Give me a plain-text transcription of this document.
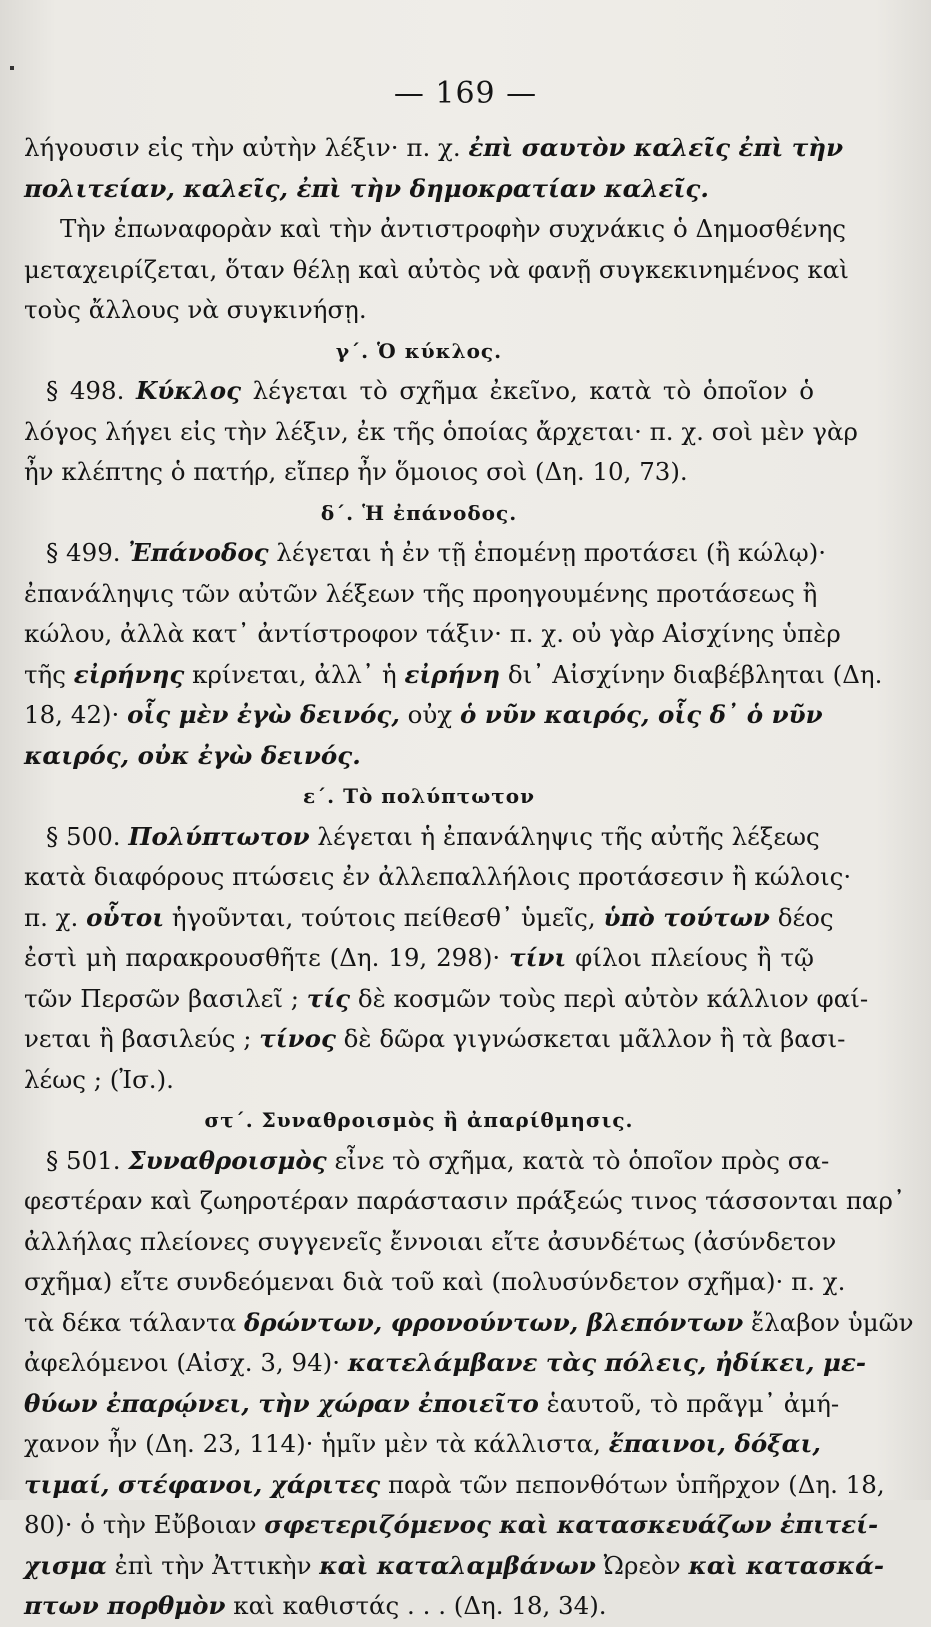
— 169 —
λήγουσιν εἰς τὴν αὐτὴν λέξιν· π. χ. ἐπὶ σαυτὸν καλεῖς ἐπὶ τὴν
πολιτείαν, καλεῖς, ἐπὶ τὴν δημοκρατίαν καλεῖς.
Τὴν ἐπωναφορὰν καὶ τὴν ἀντιστροφὴν συχνάκις ὁ Δημοσθένης
μεταχειρίζεται, ὅταν θέλῃ καὶ αὐτὸς νὰ φανῇ συγκεκινημένος καὶ
τοὺς ἄλλους νὰ συγκινήσῃ.
γ΄. Ὁ κύκλος.
§ 498. Κύκλος λέγεται τὸ σχῆμα ἐκεῖνο, κατὰ τὸ ὁποῖον ὁ
λόγος λήγει εἰς τὴν λέξιν, ἐκ τῆς ὁποίας ἄρχεται· π. χ. σοὶ μὲν γὰρ
ἦν κλέπτης ὁ πατήρ, εἴπερ ἦν ὅμοιος σοὶ (Δη. 10, 73).
δ΄. Ἡ ἐπάνοδος.
§ 499. Ἐπάνοδος λέγεται ἡ ἐν τῇ ἑπομένῃ προτάσει (ἢ κώλῳ)·
ἐπανάληψις τῶν αὐτῶν λέξεων τῆς προηγουμένης προτάσεως ἢ
κώλου, ἀλλὰ κατ᾽ ἀντίστροφον τάξιν· π. χ. οὐ γὰρ Αἰσχίνης ὑπὲρ
τῆς εἰρήνης κρίνεται, ἀλλ᾽ ἡ εἰρήνη δι᾽ Αἰσχίνην διαβέβληται (Δη.
18, 42)· οἷς μὲν ἐγὼ δεινός, οὐχ ὁ νῦν καιρός, οἷς δ᾽ ὁ νῦν
καιρός, οὐκ ἐγὼ δεινός.
ε΄. Τὸ πολύπτωτον
§ 500. Πολύπτωτον λέγεται ἡ ἐπανάληψις τῆς αὐτῆς λέξεως
κατὰ διαφόρους πτώσεις ἐν ἀλλεπαλλήλοις προτάσεσιν ἢ κώλοις·
π. χ. οὗτοι ἡγοῦνται, τούτοις πείθεσθ᾽ ὑμεῖς, ὑπὸ τούτων δέος
ἐστὶ μὴ παρακρουσθῆτε (Δη. 19, 298)· τίνι φίλοι πλείους ἢ τῷ
τῶν Περσῶν βασιλεῖ ; τίς δὲ κοσμῶν τοὺς περὶ αὐτὸν κάλλιον φαί-
νεται ἢ βασιλεύς ; τίνος δὲ δῶρα γιγνώσκεται μᾶλλον ἢ τὰ βασι-
λέως ; (Ἰσ.).
στ΄. Συναθροισμὸς ἢ ἀπαρίθμησις.
§ 501. Συναθροισμὸς εἶνε τὸ σχῆμα, κατὰ τὸ ὁποῖον πρὸς σα-
φεστέραν καὶ ζωηροτέραν παράστασιν πράξεώς τινος τάσσονται παρ᾽
ἀλλήλας πλείονες συγγενεῖς ἔννοιαι εἴτε ἀσυνδέτως (ἀσύνδετον
σχῆμα) εἴτε συνδεόμεναι διὰ τοῦ καὶ (πολυσύνδετον σχῆμα)· π. χ.
τὰ δέκα τάλαντα δρώντων, φρονούντων, βλεπόντων ἔλαβον ὑμῶν
ἀφελόμενοι (Αἰσχ. 3, 94)· κατελάμβανε τὰς πόλεις, ἠδίκει, με-
θύων ἐπαρῴνει, τὴν χώραν ἐποιεῖτο ἑαυτοῦ, τὸ πρᾶγμ᾽ ἀμή-
χανον ἦν (Δη. 23, 114)· ἡμῖν μὲν τὰ κάλλιστα, ἔπαινοι, δόξαι,
τιμαί, στέφανοι, χάριτες παρὰ τῶν πεπονθότων ὑπῆρχον (Δη. 18,
80)· ὁ τὴν Εὔβοιαν σφετεριζόμενος καὶ κατασκευάζων ἐπιτεί-
χισμα ἐπὶ τὴν Ἀττικὴν καὶ καταλαμβάνων Ὠρεὸν καὶ κατασκά-
πτων πορθμὸν καὶ καθιστάς . . . (Δη. 18, 34).
